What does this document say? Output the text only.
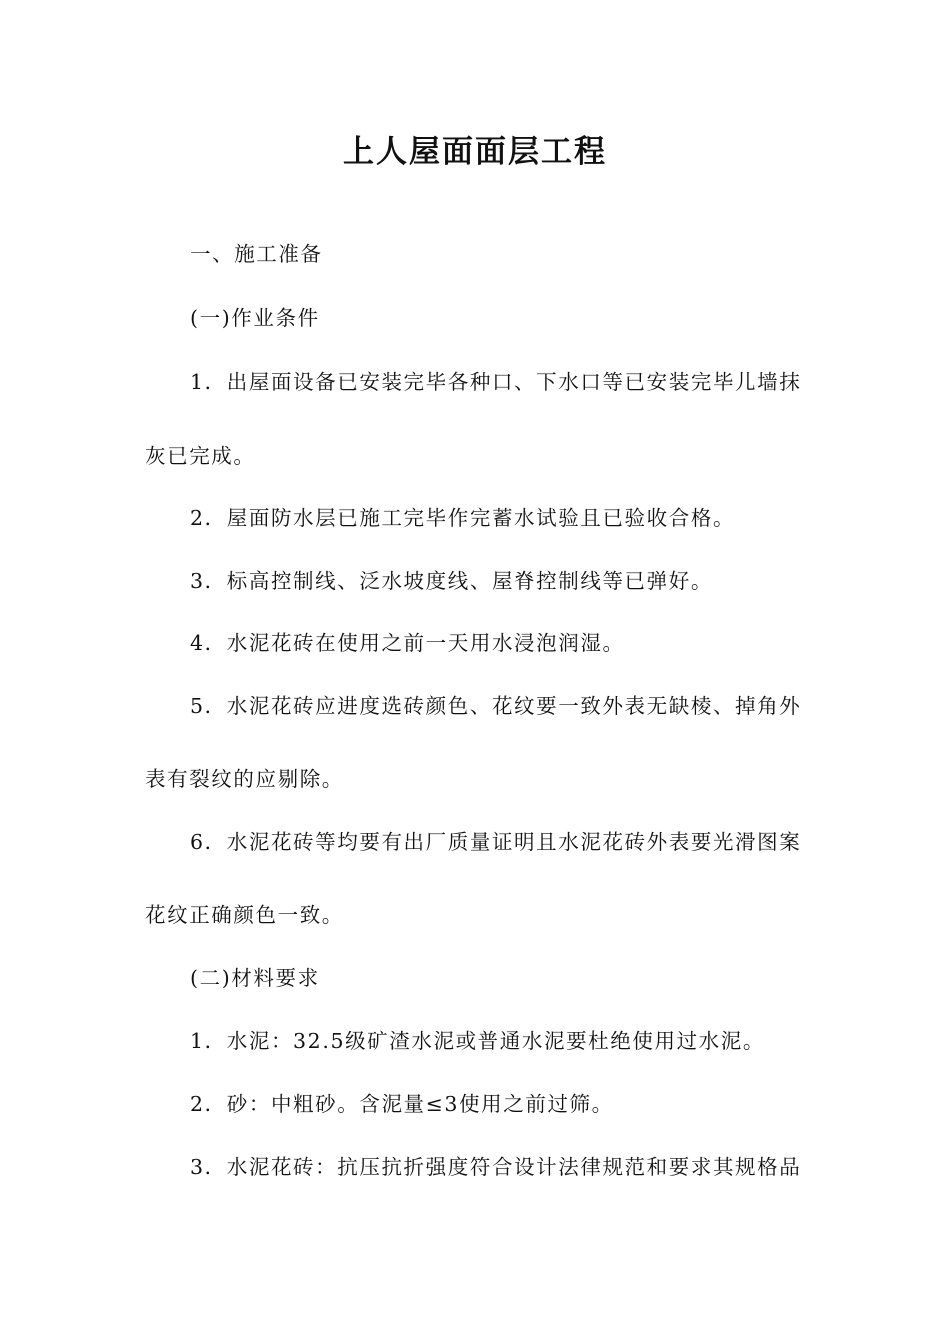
上人屋面面层工程

一、施工准备

(一)作业条件

1．出屋面设备已安装完毕各种口、下水口等已安装完毕儿墙抹

灰已完成。

2．屋面防水层已施工完毕作完蓄水试验且已验收合格。

3．标高控制线、泛水坡度线、屋脊控制线等已弹好。

4．水泥花砖在使用之前一天用水浸泡润湿。

5．水泥花砖应进度选砖颜色、花纹要一致外表无缺棱、掉角外

表有裂纹的应剔除。

6．水泥花砖等均要有出厂质量证明且水泥花砖外表要光滑图案

花纹正确颜色一致。

(二)材料要求

1．水泥：32.5级矿渣水泥或普通水泥要杜绝使用过水泥。

2．砂：中粗砂。含泥量≤3使用之前过筛。

3．水泥花砖：抗压抗折强度符合设计法律规范和要求其规格品
